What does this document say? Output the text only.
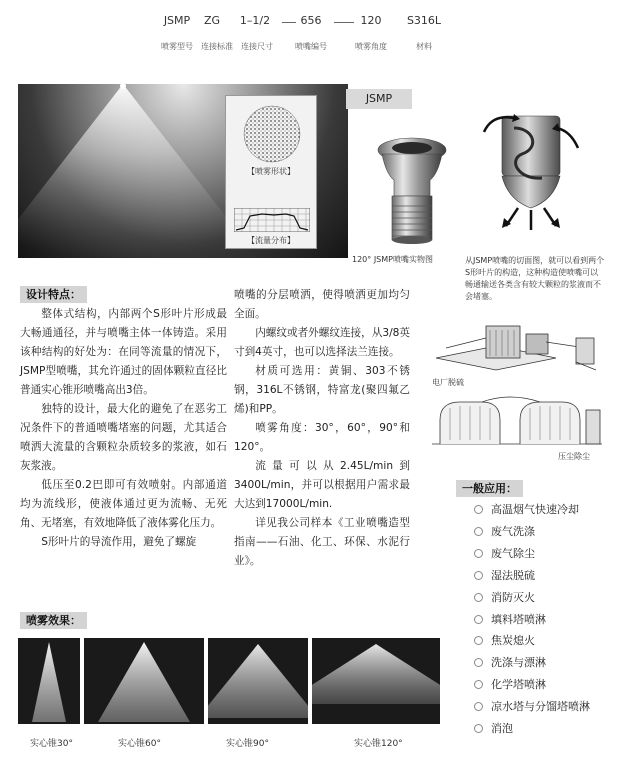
JSMP	ZG	1–1/2	656	120 S316L
喷雾型号	连接标准	连接尺寸	喷嘴编号	喷雾角度	材料
【喷雾形状】
【流量分布】
JSMP
120° JSMP喷嘴实物图	从JSMP喷嘴的切面图，就可以看到两个S形叶片的构造，这种构造使喷嘴可以畅通输送各类含有较大颗粒的浆液而不会堵塞。
设计特点：

整体式结构，内部两个S形叶片形成最大畅通通径，并与喷嘴主体一体铸造。采用该种结构的好处为：在同等流量的情况下，JSMP型喷嘴，其允许通过的固体颗粒直径比普通实心锥形喷嘴高出3倍。

独特的设计，最大化的避免了在恶劣工况条件下的普通喷嘴堵塞的问题，尤其适合喷洒大流量的含颗粒杂质较多的浆液，如石灰浆液。

低压至0.2巴即可有效喷射。内部通道均为流线形，使液体通过更为流畅、无死角、无堵塞，有效地降低了液体雾化压力。

S形叶片的导流作用，避免了螺旋

喷嘴的分层喷洒，使得喷洒更加均匀全面。

内螺纹或者外螺纹连接，从3/8英寸到4英寸，也可以选择法兰连接。

材质可选用：黄铜、303不锈钢，316L不锈钢，特富龙(聚四氟乙烯)和PP。

喷雾角度：30°，60°，90°和120°。

流量可以从2.45L/min到3400L/min，并可以根据用户需求最大达到17000L/min.

详见我公司样本《工业喷嘴造型指南——石油、化工、环保、水泥行业》。

电厂脱硫
压尘除尘
一般应用：
高温烟气快速冷却
废气洗涤
废气除尘
湿法脱硫
消防灭火
填料塔喷淋
焦炭熄火
洗涤与漂淋
化学塔喷淋
凉水塔与分馏塔喷淋
消泡
喷雾效果：
实心锥30°	实心锥60°	实心锥90°	实心锥120°
